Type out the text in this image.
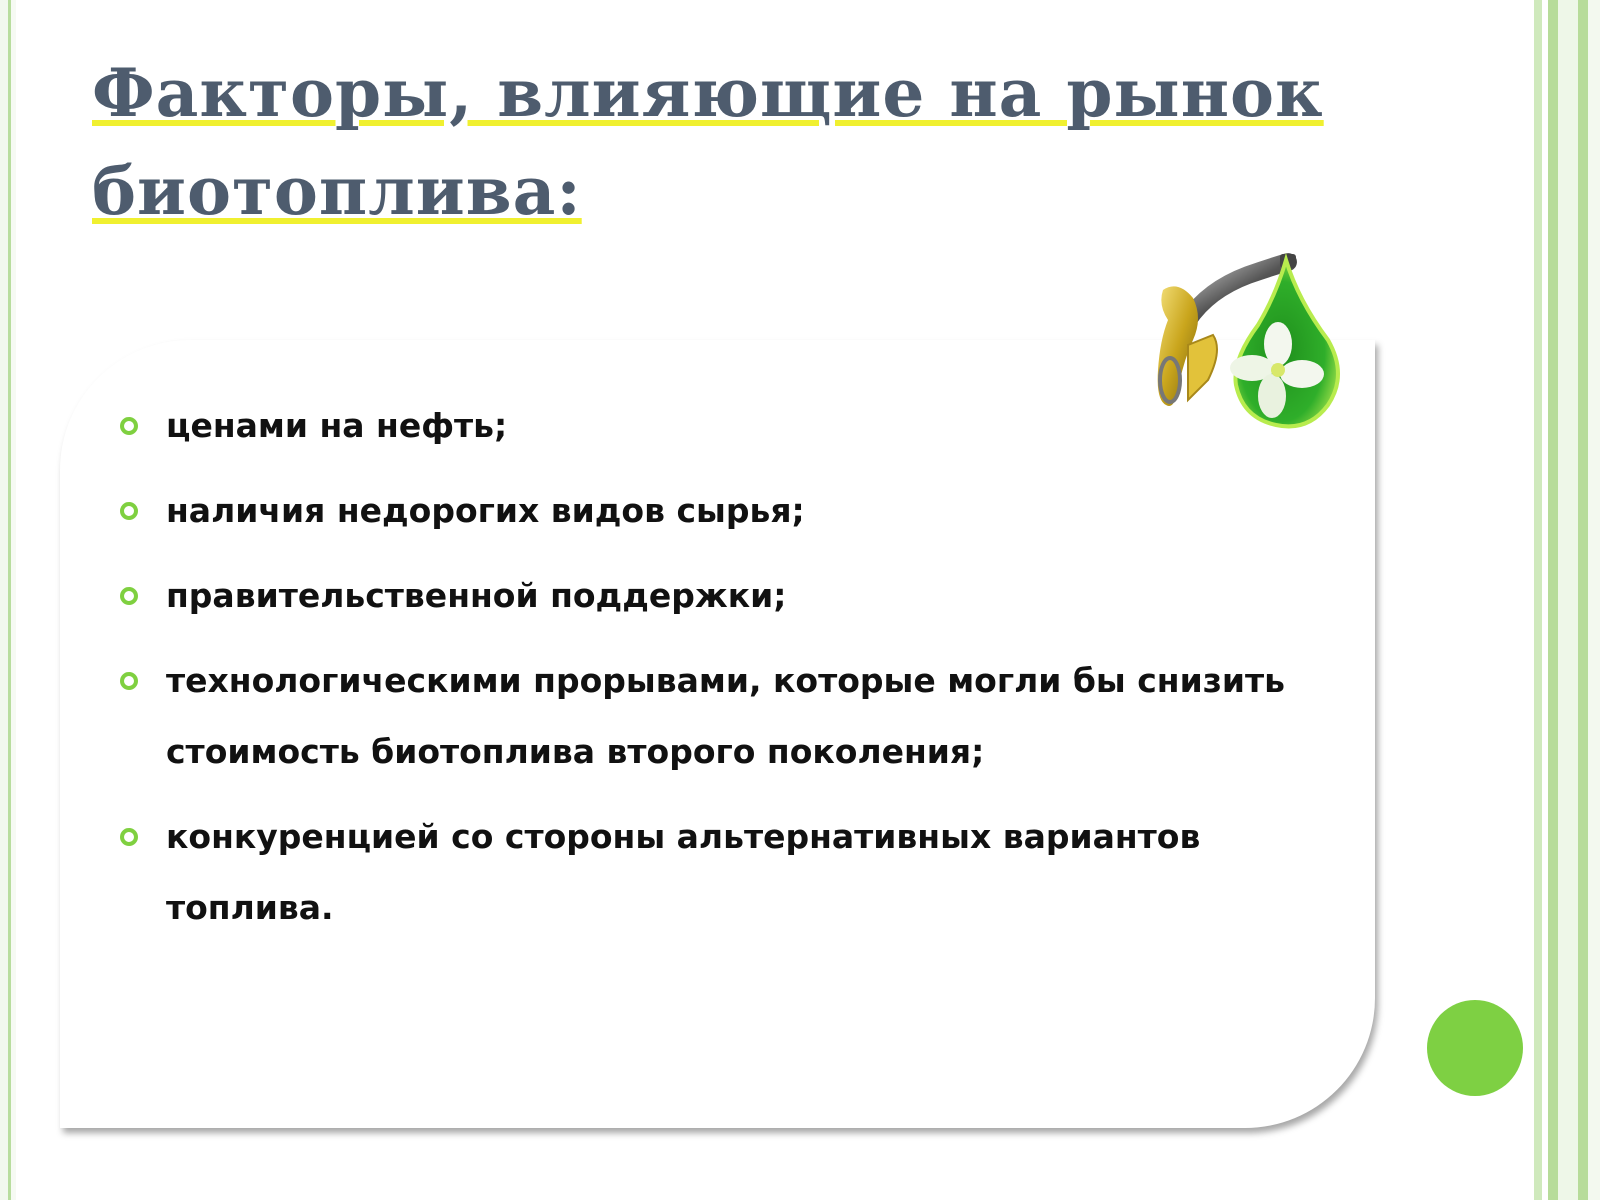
Факторы, влияющие на рынок биотоплива:
ценами на нефть;
наличия недорогих видов сырья;
правительственной поддержки;
технологическими прорывами, которые могли бы снизить стоимость биотоплива второго поколения;
конкуренцией со стороны альтернативных вариантов топлива.
